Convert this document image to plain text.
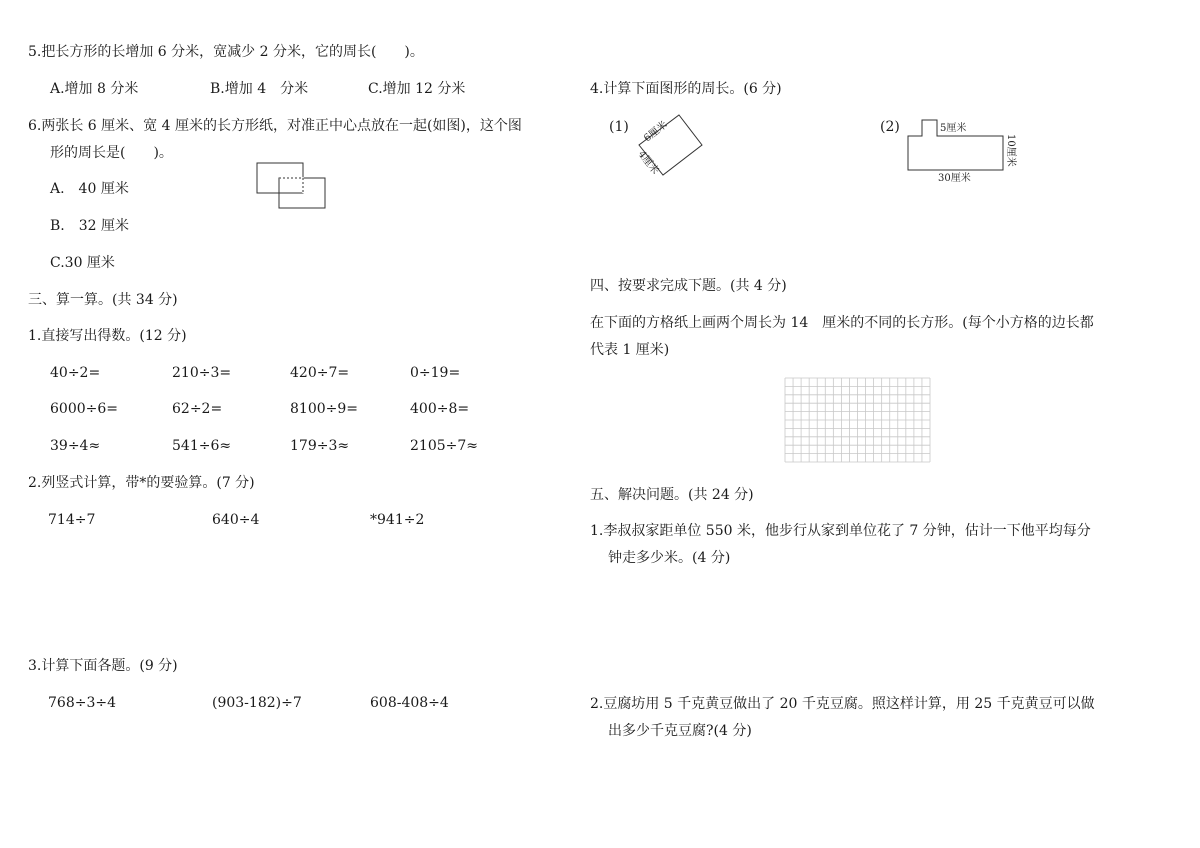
5.把长方形的长增加 6 分米，宽减少 2 分米，它的周长(　　)。
A.增加 8 分米	B.增加 4　分米	C.增加 12 分米
6.两张长 6 厘米、宽 4 厘米的长方形纸，对准正中心点放在一起(如图)，这个图
形的周长是(　　)。
A.　40 厘米
B.　32 厘米
C.30 厘米
三、算一算。(共 34 分)
1.直接写出得数。(12 分)
40÷2=	210÷3=	420÷7=	0÷19=
6000÷6=	62÷2=	8100÷9=	400÷8=
39÷4≈	541÷6≈	179÷3≈	2105÷7≈
2.列竖式计算，带*的要验算。(7 分)
714÷7	640÷4	*941÷2
3.计算下面各题。(9 分)
768÷3÷4	(903-182)÷7	608-408÷4
4.计算下面图形的周长。(6 分)
(1) 6厘米
4厘米
(2)	5厘米
10厘米
30厘米
四、按要求完成下题。(共 4 分)
在下面的方格纸上画两个周长为 14　厘米的不同的长方形。(每个小方格的边长都
代表 1 厘米)
五、解决问题。(共 24 分)
1.李叔叔家距单位 550 米，他步行从家到单位花了 7 分钟，估计一下他平均每分
钟走多少米。(4 分)
2.豆腐坊用 5 千克黄豆做出了 20 千克豆腐。照这样计算，用 25 千克黄豆可以做
出多少千克豆腐?(4 分)
